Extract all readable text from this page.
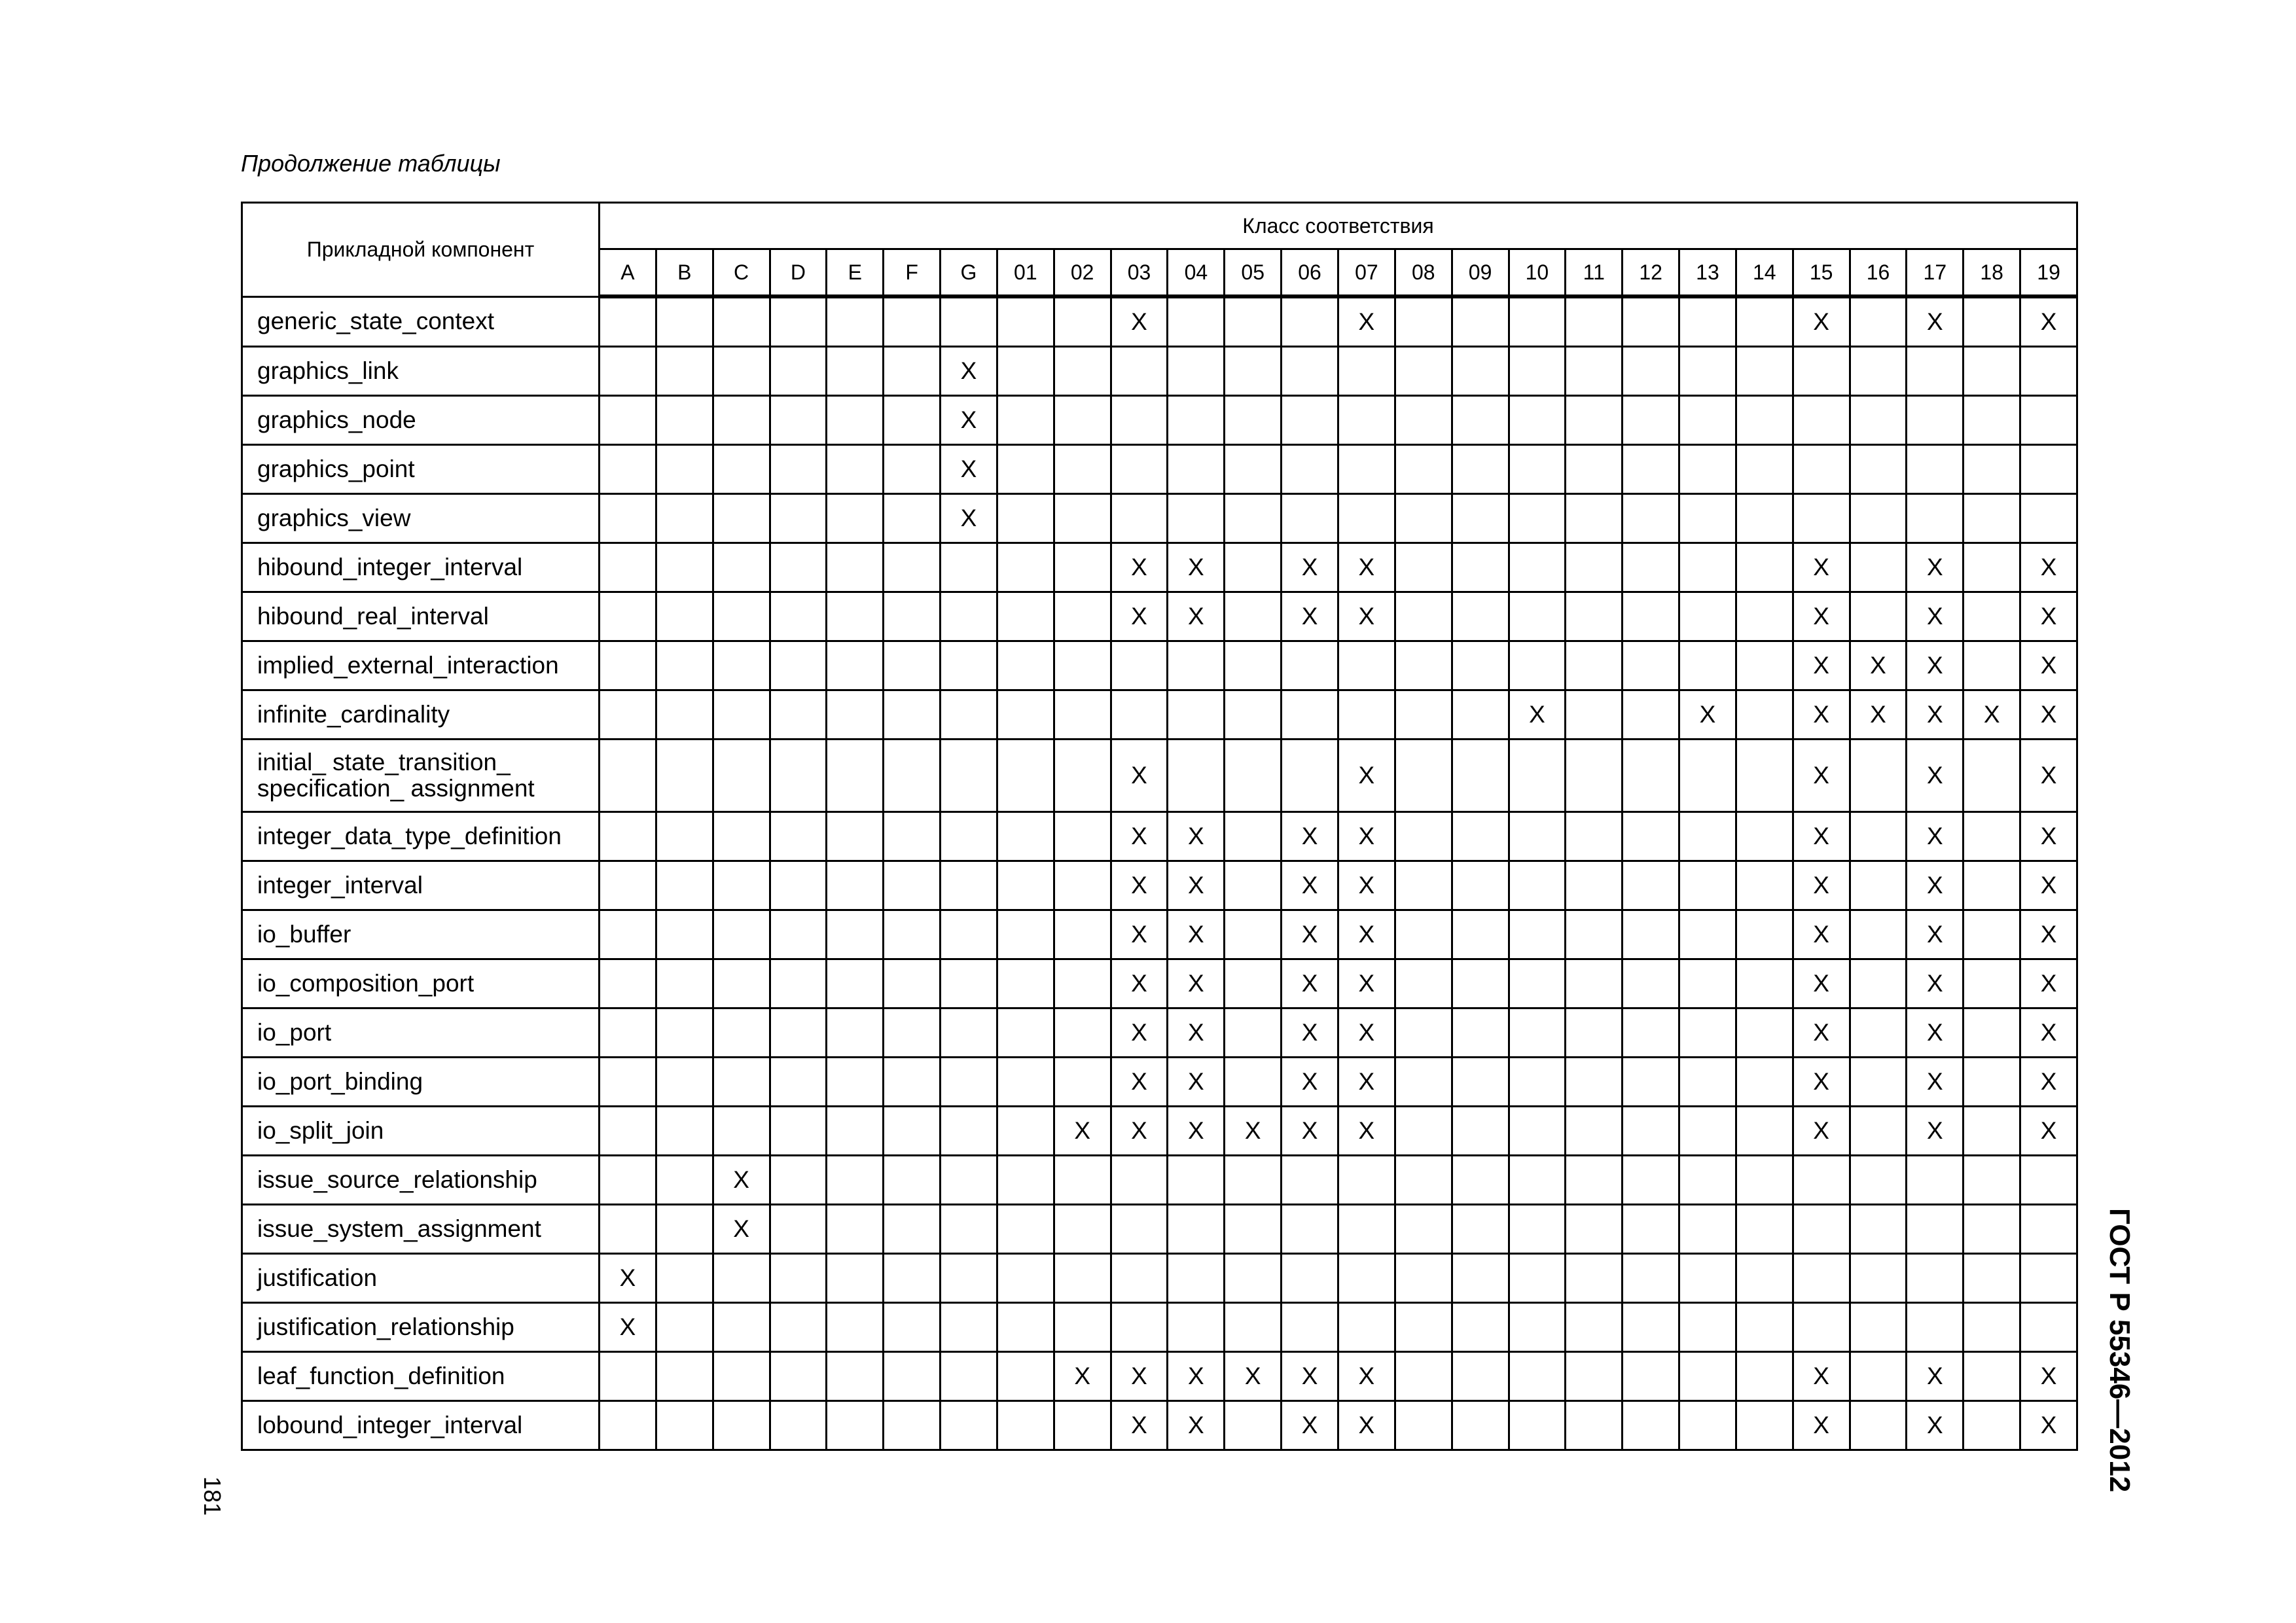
Продолжение таблицы
Прикладной компонент	Класс соответствия																									
	A	B	C	D	E	F	G	01	02	03	04	05	06	07	08	09	10	11	12	13	14	15	16	17	18	19

generic_state_context										X				X								X		X		X

graphics_link							X																			

graphics_node							X																			

graphics_point							X																			

graphics_view							X																			

hibound_integer_interval										X	X		X	X								X		X		X

hibound_real_interval										X	X		X	X								X		X		X

implied_external_interaction																						X	X	X		X

infinite_cardinality																	X			X		X	X	X	X	X

initial_ state_transition_
specification_ assignment										X				X								X		X		X

integer_data_type_definition										X	X		X	X								X		X		X

integer_interval										X	X		X	X								X		X		X

io_buffer										X	X		X	X								X		X		X

io_composition_port										X	X		X	X								X		X		X

io_port										X	X		X	X								X		X		X

io_port_binding										X	X		X	X								X		X		X

io_split_join									X	X	X	X	X	X								X		X		X

issue_source_relationship			X																							

issue_system_assignment			X																							

justification	X																									

justification_relationship	X																									

leaf_function_definition									X	X	X	X	X	X								X		X		X

lobound_integer_interval										X	X		X	X								X		X		X ГОСТ Р 55346—2012
181
